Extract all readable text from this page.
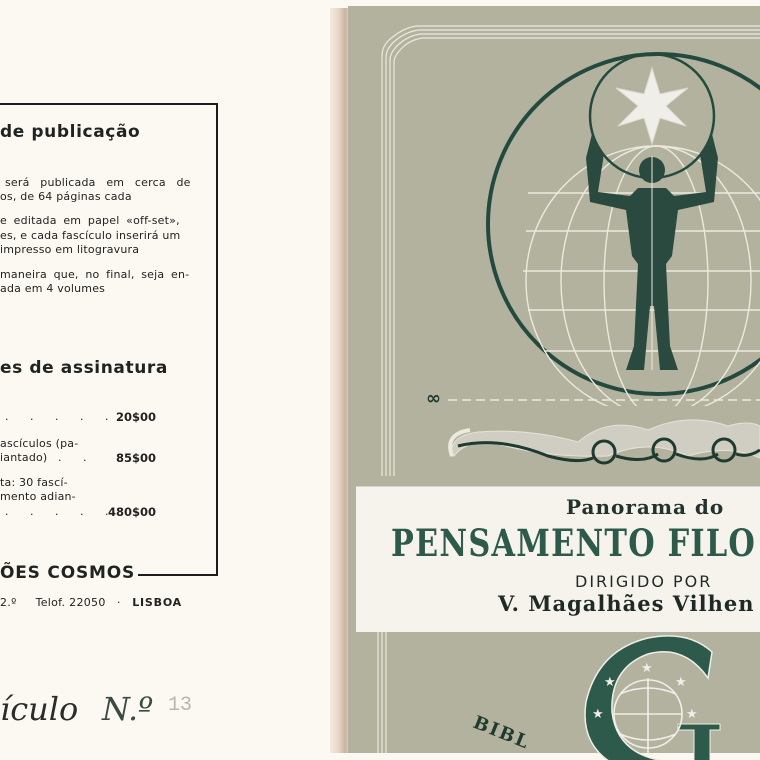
de publicação
será publicada em cerca de
os, de 64 páginas cada
e editada em papel «off-set»,
es, e cada fascículo inserirá um
impresso em litogravura
maneira que, no final, seja en-
ada em 4 volumes
es de assinatura
. . . . .
20$00
ascículos (pa-
iantado) . . 85$00
ta: 30 fascí-
mento adian-
. . . . .
480$00
ÕES COSMOS
2.º Telof. 22050 · LISBOA
ículo N.º 13
∞
Panorama do
PENSAMENTO FILO
DIRIGIDO POR
V. Magalhães Vilhen
★
★	★
★	★
BIBL
